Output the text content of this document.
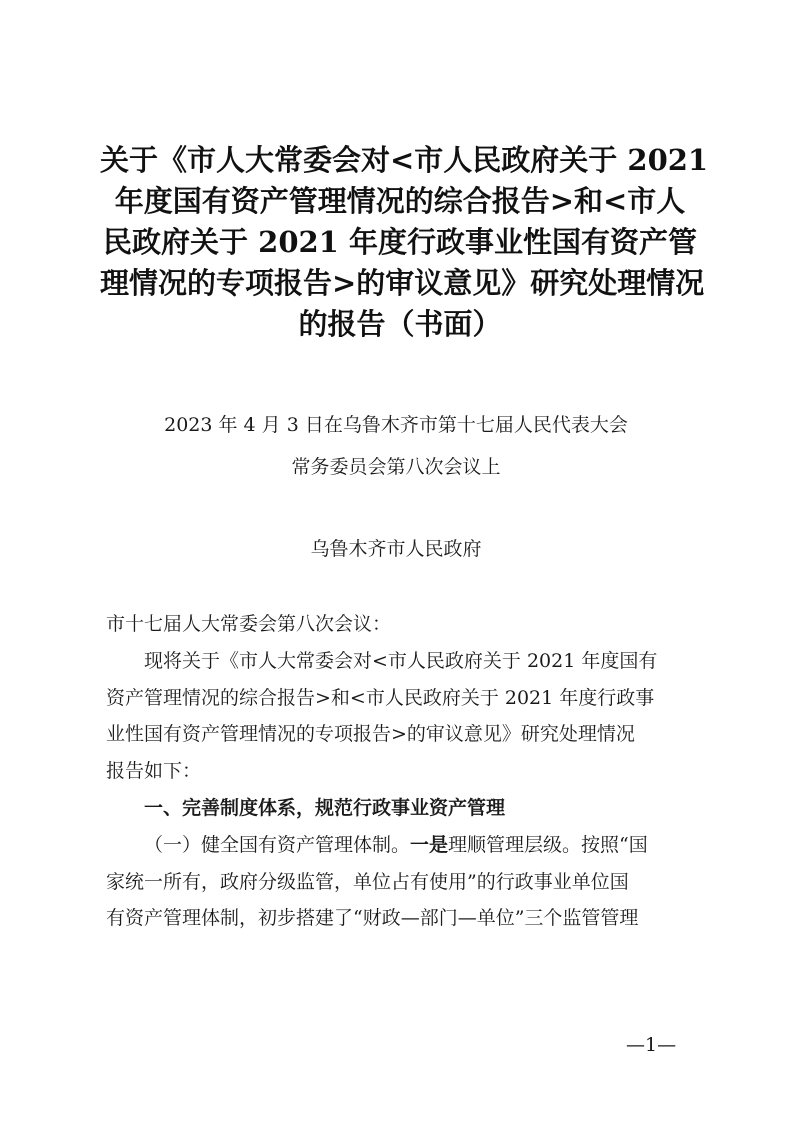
关于《市人大常委会对<市人民政府关于 2021
年度国有资产管理情况的综合报告>和<市人
民政府关于 2021 年度行政事业性国有资产管
理情况的专项报告>的审议意见》研究处理情况
的报告（书面）
2023 年 4 月 3 日在乌鲁木齐市第十七届人民代表大会
常务委员会第八次会议上
乌鲁木齐市人民政府
市十七届人大常委会第八次会议：
现将关于《市人大常委会对<市人民政府关于 2021 年度国有
资产管理情况的综合报告>和<市人民政府关于 2021 年度行政事
业性国有资产管理情况的专项报告>的审议意见》研究处理情况
报告如下：
一、完善制度体系，规范行政事业资产管理
（一）健全国有资产管理体制。一是理顺管理层级。按照“国
家统一所有，政府分级监管，单位占有使用”的行政事业单位国
有资产管理体制，初步搭建了“财政—部门—单位”三个监管管理
—1—
